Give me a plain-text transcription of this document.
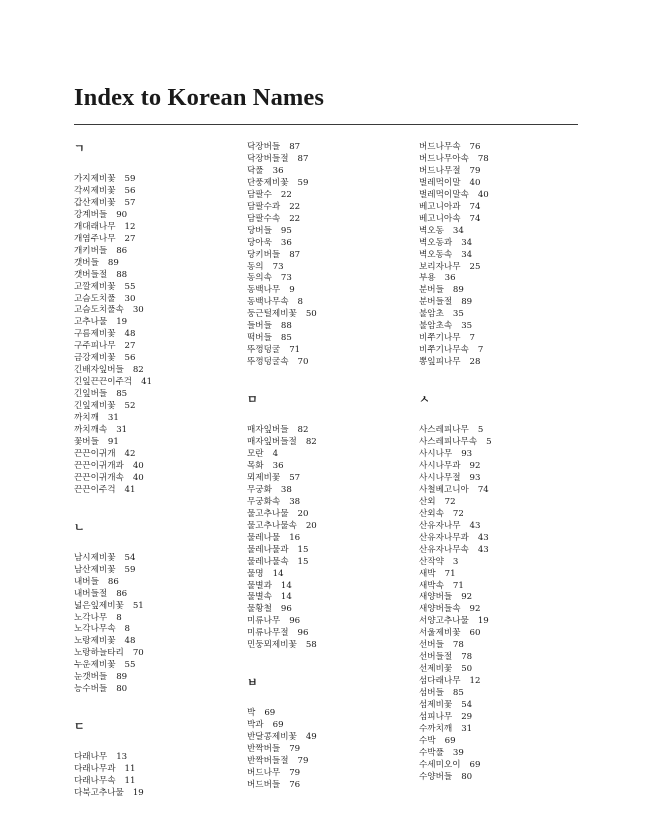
Index to Korean Names
ㄱ
가지제비꽃 59
각씨제비꽃 56
갑산제비꽃 57
강계버들 90
개대래나무 12
개염주나무 27
개키버들 86
갯버들 89
갯버들절 88
고깔제비꽃 55
고슴도치풀 30
고슴도치풀속 30
고추나물 19
구름제비꽃 48
구주피나무 27
금강제비꽃 56
긴배자잎버들 82
긴잎끈끈이주걱 41
긴잎버들 85
긴잎제비꽃 52
까치깨 31
까치깨속 31
꽃버들 91
끈끈이귀개 42
끈끈이귀개과 40
끈끈이귀개속 40
끈끈이주걱 41
ㄴ
남시제비꽃 54
남산제비꽃 59
내버들 86
내버들절 86
넓은잎제비꽃 51
노각나무 8
노각나무속 8
노랑제비꽃 48
노랑하늘타리 70
누운제비꽃 55
눈갯버들 89
능수버들 80
ㄷ
다래나무 13
다래나무과 11
다래나무속 11
다북고추나물 19
닥장버들 87
닥장버들절 87
닥풀 36
단풍제비꽃 59
담팔수 22
담팔수과 22
담팔수속 22
당버들 95
당아욱 36
당키버들 87
동의 73
동의속 73
동백나무 9
동백나무속 8
둥근털제비꽃 50
들버들 88
떡버들 85
뚜껑덩굴 71
뚜껑덩굴속 70
ㅁ
매자잎버들 82
매자잎버들절 82
모란 4
목화 36
뫼제비꽃 57
무궁화 38
무궁화속 38
물고추나물 20
물고추나물속 20
물레나물 16
물레나물과 15
물레나물속 15
물명 14
물별과 14
물별속 14
물황철 96
미류나무 96
미류나무절 96
민둥뫼제비꽃 58
ㅂ
박 69
박과 69
반달콩제비꽃 49
반짝버들 79
반짝버들절 79
버드나무 79
버드버들 76
버드나무속 76
버드나무아속 78
버드나무절 79
벌레먹이말 40
벌레먹이말속 40
베고니아과 74
베고니아속 74
벽오동 34
벽오동과 34
벽오동속 34
보리자나무 25
부용 36
분버들 89
분버들절 89
불암초 35
불암초속 35
비쭈기나무 7
비쭈기나무속 7
뽕잎피나무 28
ㅅ
사스레피나무 5
사스레피나무속 5
사시나무 93
사시나무과 92
사시나무절 93
사철베고니아 74
산외 72
산외속 72
산유자나무 43
산유자나무과 43
산유자나무속 43
산작약 3
새박 71
새박속 71
새양버들 92
새양버들속 92
서양고추나물 19
서울제비꽃 60
선버들 78
선버들절 78
선제비꽃 50
섬다래나무 12
섬버들 85
섬제비꽃 54
섬피나무 29
수까치깨 31
수박 69
수박풀 39
수세미오이 69
수양버들 80
